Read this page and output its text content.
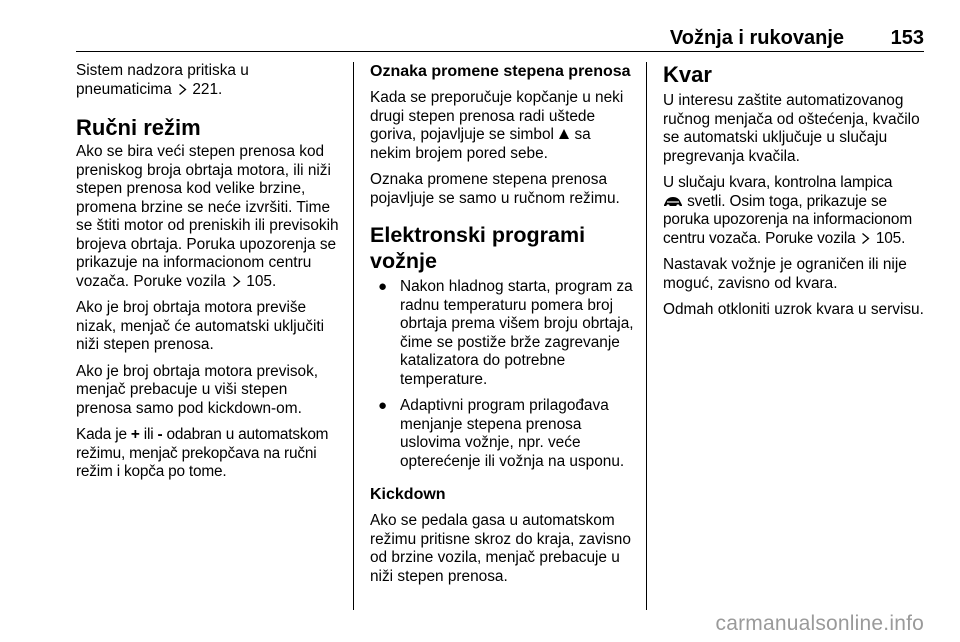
Vožnja i rukovanje 153

Sistem nadzora pritiska u pneumaticima 221.

Ručni režim

Ako se bira veći stepen prenosa kod preniskog broja obrtaja motora, ili niži stepen prenosa kod velike brzine, promena brzine se neće izvršiti. Time se štiti motor od preniskih ili previsokih brojeva obrtaja. Poruka upozorenja se prikazuje na informacionom centru vozača. Poruke vozila 105.

Ako je broj obrtaja motora previše nizak, menjač će automatski uključiti niži stepen prenosa.

Ako je broj obrtaja motora previsok, menjač prebacuje u viši stepen prenosa samo pod kickdown-om.

Kada je + ili - odabran u automatskom režimu, menjač prekopčava na ručni režim i kopča po tome.

Oznaka promene stepena prenosa

Kada se preporučuje kopčanje u neki drugi stepen prenosa radi uštede goriva, pojavljuje se simbol sa nekim brojem pored sebe.

Oznaka promene stepena prenosa pojavljuje se samo u ručnom režimu.

Elektronski programi vožnje
● Nakon hladnog starta, program za radnu temperaturu pomera broj obrtaja prema višem broju obrtaja, čime se postiže brže zagrevanje katalizatora do potrebne temperature.
● Adaptivni program prilagođava menjanje stepena prenosa uslovima vožnje, npr. veće opterećenje ili vožnja na usponu.
Kickdown

Ako se pedala gasa u automatskom režimu pritisne skroz do kraja, zavisno od brzine vozila, menjač prebacuje u niži stepen prenosa.

Kvar

U interesu zaštite automatizovanog ručnog menjača od oštećenja, kvačilo se automatski uključuje u slučaju pregrevanja kvačila.

U slučaju kvara, kontrolna lampica
svetli. Osim toga, prikazuje se poruka upozorenja na informacionom centru vozača. Poruke vozila 105.

Nastavak vožnje je ograničen ili nije moguć, zavisno od kvara.

Odmah otkloniti uzrok kvara u servisu.

carmanualsonline.info
